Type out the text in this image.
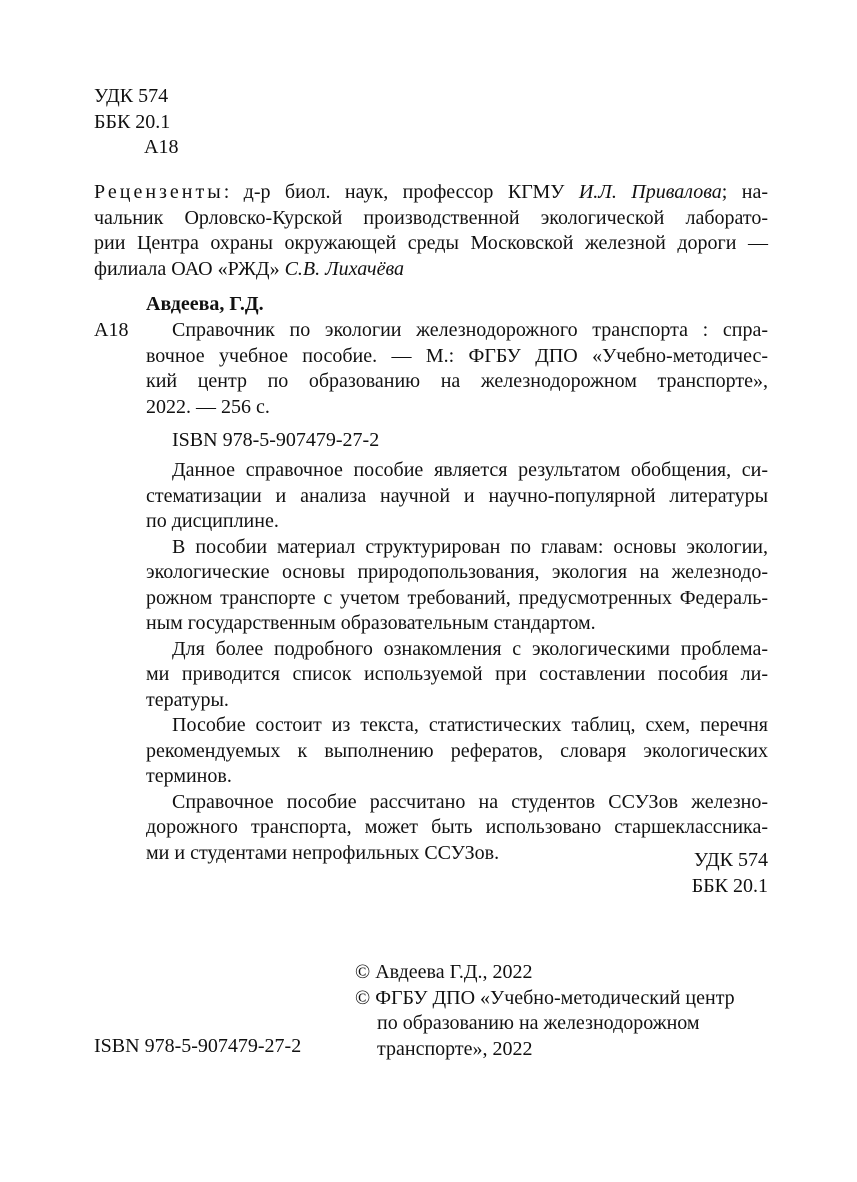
УДК 574
ББК 20.1
А18
Рецензенты: д-р биол. наук, профессор КГМУ И.Л. Привалова; на-
чальник Орловско-Курской производственной экологической лаборато-
рии Центра охраны окружающей среды Московской железной дороги —
филиала ОАО «РЖД» С.В. Лихачёва
Авдеева, Г.Д.
А18	Справочник по экологии железнодорожного транспорта : спра-
вочное учебное пособие. — М.: ФГБУ ДПО «Учебно-методичес-
кий центр по образованию на железнодорожном транспорте»,
2022. — 256 с.
ISBN 978-5-907479-27-2
Данное справочное пособие является результатом обобщения, си-
стематизации и анализа научной и научно-популярной литературы
по дисциплине.
В пособии материал структурирован по главам: основы экологии,
экологические основы природопользования, экология на железнодо-
рожном транспорте с учетом требований, предусмотренных Федераль-
ным государственным образовательным стандартом.
Для более подробного ознакомления с экологическими проблема-
ми приводится список используемой при составлении пособия ли-
тературы.
Пособие состоит из текста, статистических таблиц, схем, перечня
рекомендуемых к выполнению рефератов, словаря экологических
терминов.
Справочное пособие рассчитано на студентов ССУЗов железно-
дорожного транспорта, может быть использовано старшеклассника-
ми и студентами непрофильных ССУЗов.	УДК 574
ББК 20.1
ISBN 978-5-907479-27-2
© Авдеева Г.Д., 2022
© ФГБУ ДПО «Учебно-методический центр
по образованию на железнодорожном
транспорте», 2022
